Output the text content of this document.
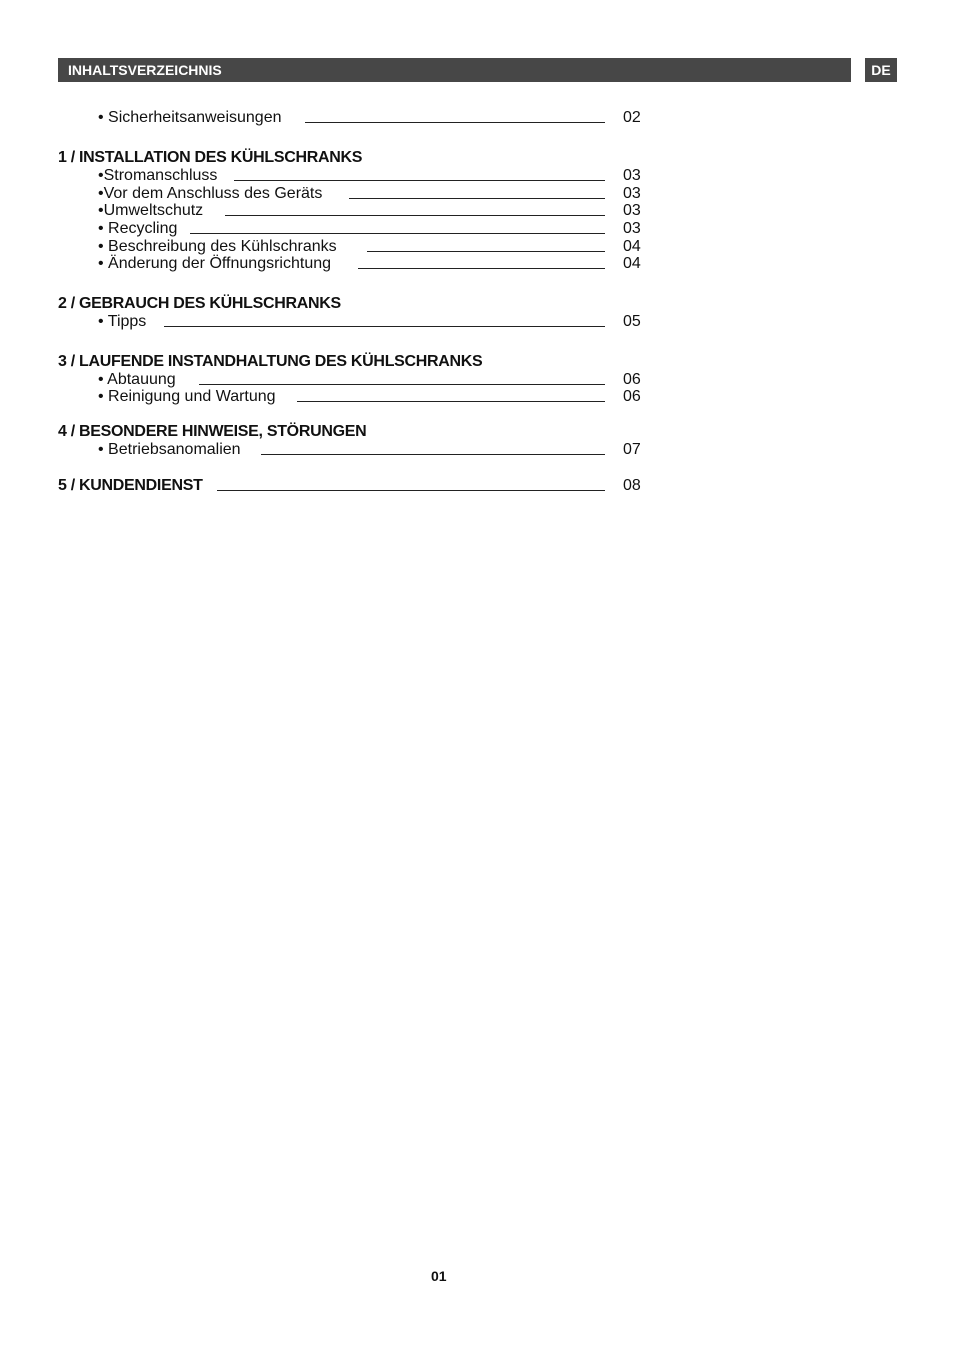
INHALTSVERZEICHNIS	DE
• Sicherheitsanweisungen	02
1 / INSTALLATION DES KÜHLSCHRANKS
•Stromanschluss	03
•Vor dem Anschluss des Geräts	03
•Umweltschutz	03
• Recycling	03
• Beschreibung des Kühlschranks	04
• Änderung der Öffnungsrichtung	04
2 / GEBRAUCH DES KÜHLSCHRANKS
• Tipps	05
3 / LAUFENDE INSTANDHALTUNG DES KÜHLSCHRANKS
• Abtauung	06
• Reinigung und Wartung	06
4 / BESONDERE HINWEISE, STÖRUNGEN
• Betriebsanomalien	07
5 / KUNDENDIENST	08
01
